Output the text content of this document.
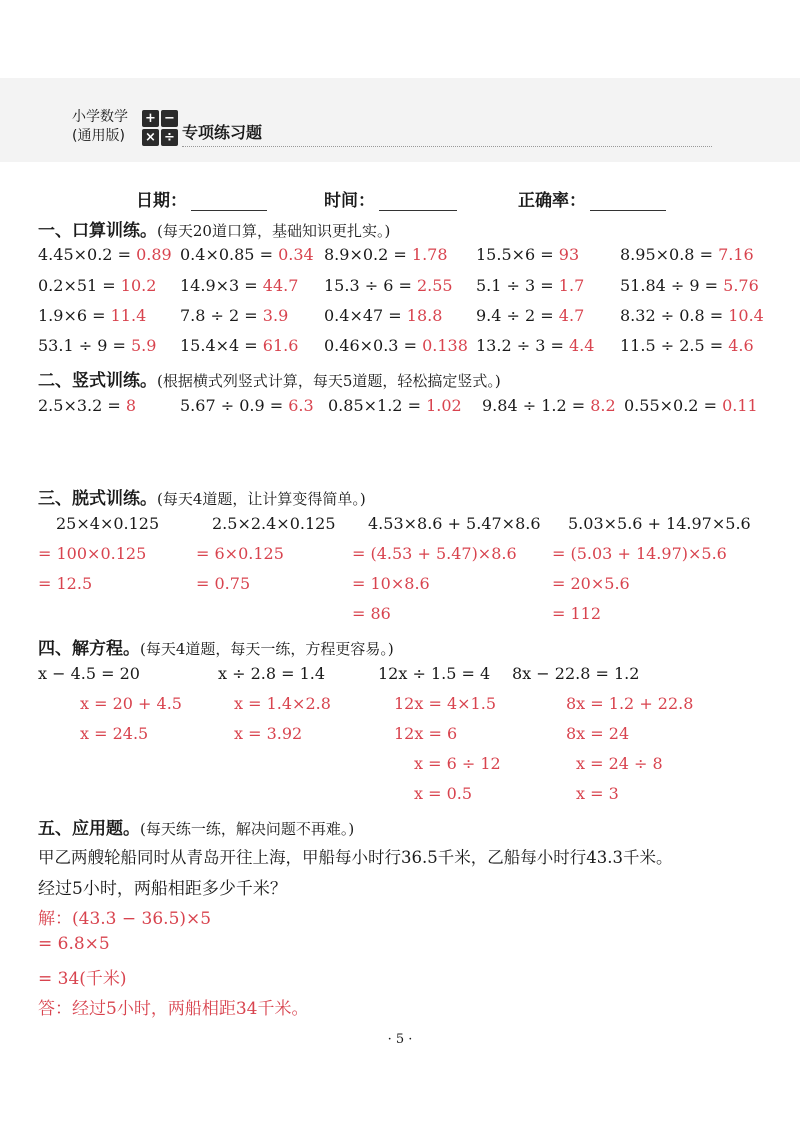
小学数学
(通用版)
+ −
× ÷ 专项练习题
日期：	时间：	正确率：
一、口算训练。(每天20道口算，基础知识更扎实。)
4.45×0.2 = 0.89 0.4×0.85 = 0.34 8.9×0.2 = 1.78 15.5×6 = 93	8.95×0.8 = 7.16
0.2×51 = 10.2 14.9×3 = 44.7 15.3 ÷ 6 = 2.55 5.1 ÷ 3 = 1.7 51.84 ÷ 9 = 5.76
1.9×6 = 11.4 7.8 ÷ 2 = 3.9 0.4×47 = 18.8 9.4 ÷ 2 = 4.7 8.32 ÷ 0.8 = 10.4
53.1 ÷ 9 = 5.9 15.4×4 = 61.6 0.46×0.3 = 0.138 13.2 ÷ 3 = 4.4 11.5 ÷ 2.5 = 4.6
二、竖式训练。(根据横式列竖式计算，每天5道题，轻松搞定竖式。)
2.5×3.2 = 8	5.67 ÷ 0.9 = 6.3 0.85×1.2 = 1.02 9.84 ÷ 1.2 = 8.2 0.55×0.2 = 0.11
三、脱式训练。(每天4道题，让计算变得简单。)
25×4×0.125
= 100×0.125
= 12.5
2.5×2.4×0.125
= 6×0.125
= 0.75
4.53×8.6 + 5.47×8.6
= (4.53 + 5.47)×8.6
= 10×8.6
= 86
5.03×5.6 + 14.97×5.6
= (5.03 + 14.97)×5.6
= 20×5.6
= 112
四、解方程。(每天4道题，每天一练，方程更容易。)
x − 4.5 = 20
x = 20 + 4.5
x = 24.5
x ÷ 2.8 = 1.4
x = 1.4×2.8
x = 3.92
12x ÷ 1.5 = 4
12x = 4×1.5
12x = 6
x = 6 ÷ 12
x = 0.5
8x − 22.8 = 1.2
8x = 1.2 + 22.8
8x = 24
x = 24 ÷ 8
x = 3
五、应用题。(每天练一练，解决问题不再难。)
甲乙两艘轮船同时从青岛开往上海，甲船每小时行36.5千米，乙船每小时行43.3千米。
经过5小时，两船相距多少千米？
解：(43.3 − 36.5)×5
= 6.8×5
= 34(千米)
答：经过5小时，两船相距34千米。
· 5 ·
